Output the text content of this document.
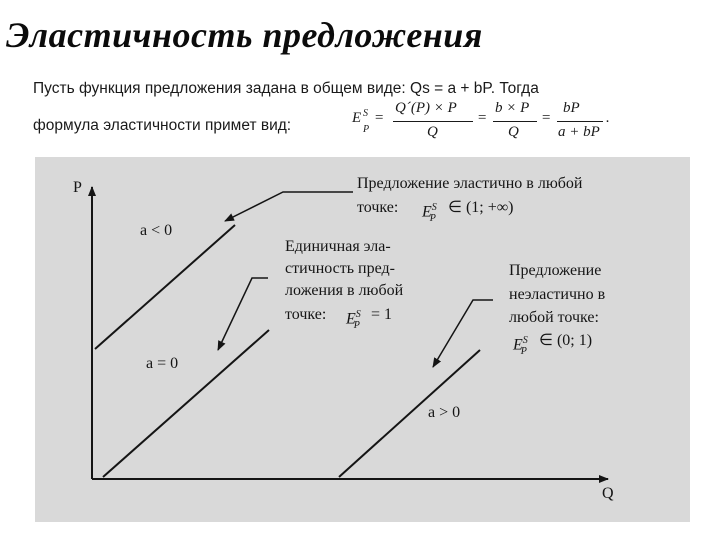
Эластичность предложения
Пусть функция предложения задана в общем виде: Qs = a + bP. Тогда
формула эластичности примет вид:	E S
P
=
Q´(P) × P
Q
=
b × P
Q
=
bP
a + bP
.
P
Q
a < 0
a = 0
a > 0
Предложение эластично в любой
точке: $E^S_P$
∈ (1; +∞)
Единичная эла-
стичность пред-
ложения в любой
точке: $E^S_P$
= 1
Предложение
неэластично в
любой точке:
$E^S_P$
∈ (0; 1)
